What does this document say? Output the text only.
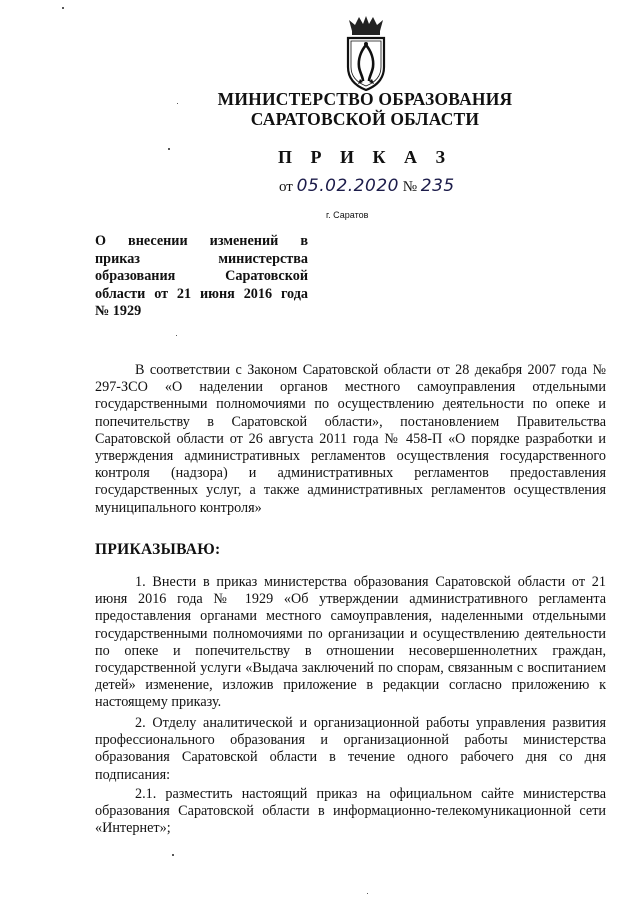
МИНИСТЕРСТВО ОБРАЗОВАНИЯ
САРАТОВСКОЙ ОБЛАСТИ
П Р И К А З
от 05.02.2020 № 235
г. Саратов
О внесении изменений в
приказ министерства
образования Саратовской
области от 21 июня 2016 года
№ 1929
В соответствии с Законом Саратовской области от 28 декабря 2007 года № 297-ЗСО «О наделении органов местного самоуправления отдельными государственными полномочиями по осуществлению деятельности по опеке и попечительству в Саратовской области», постановлением Правительства Саратовской области от 26 августа 2011 года № 458-П «О порядке разработки и утверждения административных регламентов осуществления государственного контроля (надзора) и административных регламентов предоставления государственных услуг, а также административных регламентов осуществления муниципального контроля»
ПРИКАЗЫВАЮ:
1. Внести в приказ министерства образования Саратовской области от 21 июня 2016 года № 1929 «Об утверждении административного регламента предоставления органами местного самоуправления, наделенными отдельными государственными полномочиями по организации и осуществлению деятельности по опеке и попечительству в отношении несовершеннолетних граждан, государственной услуги «Выдача заключений по спорам, связанным с воспитанием детей» изменение, изложив приложение в редакции согласно приложению к настоящему приказу.
2. Отделу аналитической и организационной работы управления развития профессионального образования и организационной работы министерства образования Саратовской области в течение одного рабочего дня со дня подписания:
2.1. разместить настоящий приказ на официальном сайте министерства образования Саратовской области в информационно-телекомуникационной сети «Интернет»;
